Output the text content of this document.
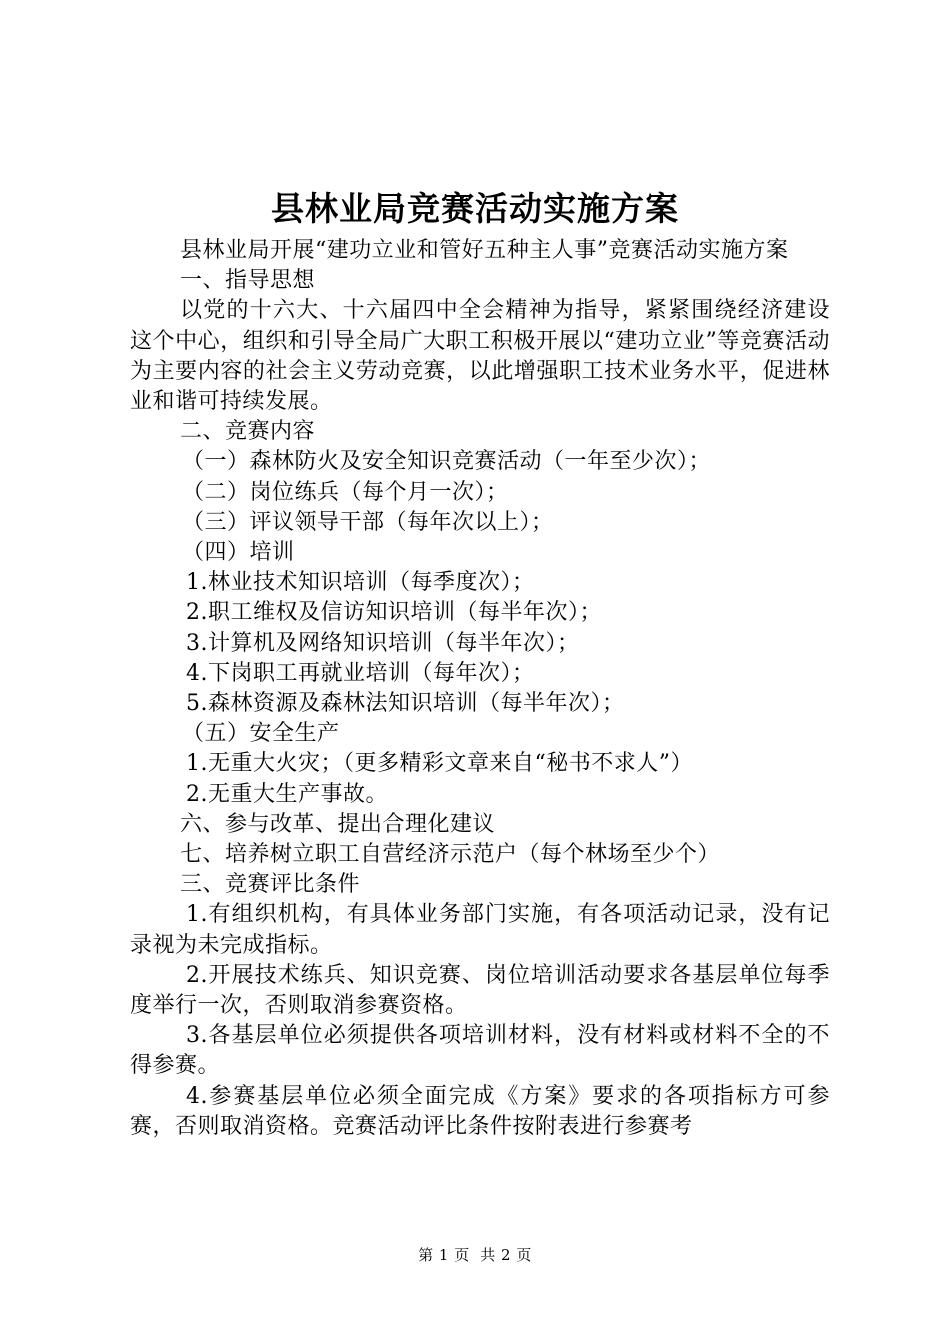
县林业局竞赛活动实施方案

县林业局开展“建功立业和管好五种主人事”竞赛活动实施方案

一、指导思想

以党的十六大、十六届四中全会精神为指导，紧紧围绕经济建设这个中心，组织和引导全局广大职工积极开展以“建功立业”等竞赛活动为主要内容的社会主义劳动竞赛，以此增强职工技术业务水平，促进林业和谐可持续发展。

二、竞赛内容

（一）森林防火及安全知识竞赛活动（一年至少次）；

（二）岗位练兵（每个月一次）；

（三）评议领导干部（每年次以上）；

（四）培训

1.林业技术知识培训（每季度次）；

2.职工维权及信访知识培训（每半年次）；

3.计算机及网络知识培训（每半年次）；

4.下岗职工再就业培训（每年次）；

5.森林资源及森林法知识培训（每半年次）；

（五）安全生产

1.无重大火灾；（更多精彩文章来自“秘书不求人”）

2.无重大生产事故。

六、参与改革、提出合理化建议

七、培养树立职工自营经济示范户（每个林场至少个）

三、竞赛评比条件

1.有组织机构，有具体业务部门实施，有各项活动记录，没有记录视为未完成指标。

2.开展技术练兵、知识竞赛、岗位培训活动要求各基层单位每季度举行一次，否则取消参赛资格。

3.各基层单位必须提供各项培训材料，没有材料或材料不全的不得参赛。

4.参赛基层单位必须全面完成《方案》要求的各项指标方可参赛，否则取消资格。竞赛活动评比条件按附表进行参赛考

第 1 页  共 2 页
